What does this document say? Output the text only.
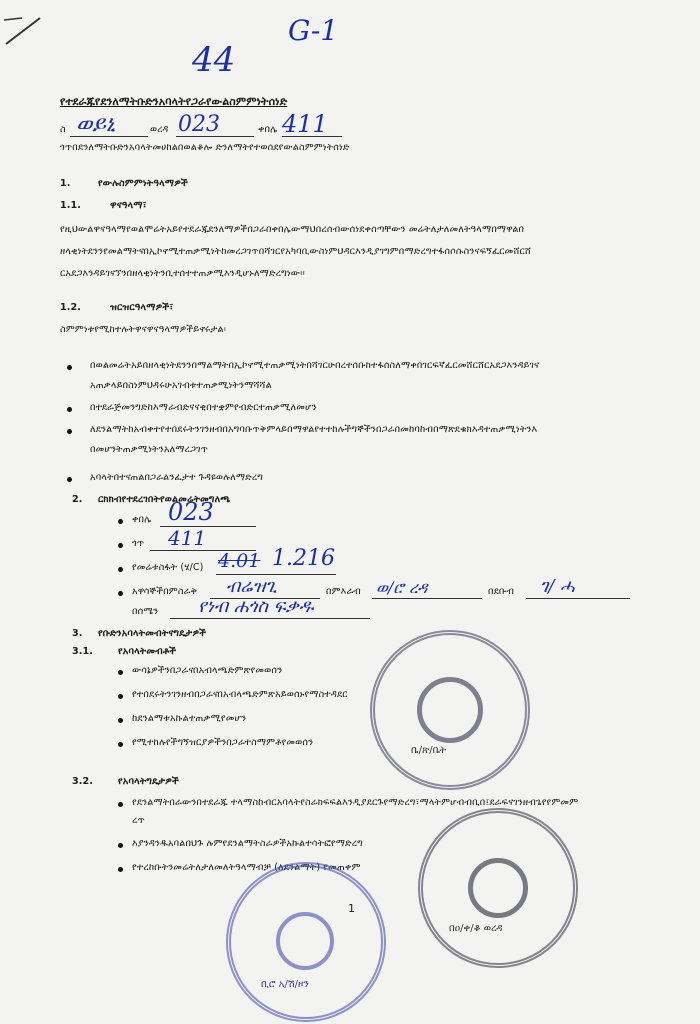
44
G-1
የተደራጁየደንለማትቡድንአባላትየጋራየውልስምምነትሰነድ
ስ ወይኒ	ወረዳ 023	ቀበሌ 411
ጎጥበደንለማትቡድንአባላትመሀከልበወልቆሎ ድንለማትየተወሰደየውልስምምነትሰነድ
1.	የውሉስምምነትዓላማዎች
1.1.	ዋናዓላማ፣
የዚህውልዋናዓላማየወልሞሬትአይየተደራጁደንለማዎችበጋራበቀበሌውማህበረሰብውሰነደቀሰጣቸውን መሬትለታለመለትዓላማበማዋልበ
ዘላቂነትደንንየመልማትናበኢኮኖሚተጠቃሚነትከመረጋገጥበሻገርየአካባቢውስነምህዳርእንዲያገግምበማድረግተፋሰሶሱስንናፍኝፈርመሸርሸ
ርአደጋእንዳይገናኘንበዘላቂነትንቢተሰተተጠቃሚእንዲሆኑለማድረግነው፡፡
1.2.	ዝርዝርዓላማዎች፣
ስምምነቱየሚከተሉትዋናዋናዓላማዎችይኖሩታል፡
በወልመሬትአይበዘላቂነትደንንበማልማትበኢኮኖሚተጠቃሚነትበሻገርሁበረተሰቡከተፋሰስለማቀበገርፍኛፈርመሸርሸርአደጋእንዳይገና
አጠቃላይበስነምህዳሩሁአገብቱተጠቃሚነትንማሻሻል
በተደራጅመንግድከእማራብድናናቂበተቋምየብድርተጠቃሚለመሆን
ለደንልማትከአብቀተየተበደሩትንገንዘብበአግባቡጥቅምላይበማዋልየተተከሉችግኞችንበጋራበመከባከብበማጽደቁክእዳተጠቃሚነትንእ
በመሆንትጠቃሚነትንአለማረጋገጥ
አባላትበተናጠልበጋራልንፈታተ ጉዳዩወሉለማድረግ
2. ርክክብየተደረገበትየወልመሬትመግለጫ
ቀበሌ 023
ጎጥ 411
የመሬቱስፋት (ሄ/C) 4.01 1.216
አዋሳኞችበምስራቅ ብሬዝጊ	በምእራብ ወ/ሮ ረዳ	በደቡብ ገ/ ሓ
በሰሜን የነብ ሐጎስ ፍቃዱ
3. የቡድንአባላትመብትናግዴታዎች
3.1.	የአባላትመብቶች
ውሳኔዎችንበጋራናበአብላጫድምጽየመወሰን
የተበደሩትንገንዘብበጋራናበአብላጫድምጽአይወሰኑየማስተዳደር
ከደንልማቱአኩልተጠቃሚየመሆን
የሚተከሉየችግኝዝርያዎችንበጋራተስማምቶየመወሰን
3.2.	የአባላትግዴታዎች
የደንልማትበራውንበተደራጁ ተላማስከብርአባላትየስራክፍፍልእንዲያደርጉየማድረግ፣ማላትምሆብብቢበ፤ደራፍናገንዘብጌየየምመም
ረጥ
እያንዳንዱአባልበህጉ ሉምየደንልማትስራዎችአኩልተሳትፎየማድረግ
የተረከቡትንመሬትለታለመለትዓላማብቻ (ለደንልማት) የመጠቀም
1
ቤ/ጽ/ቤት
ቢሮ አ/ሽ/ዞን
በዐ/ቀ/ቆ ወረዳ
